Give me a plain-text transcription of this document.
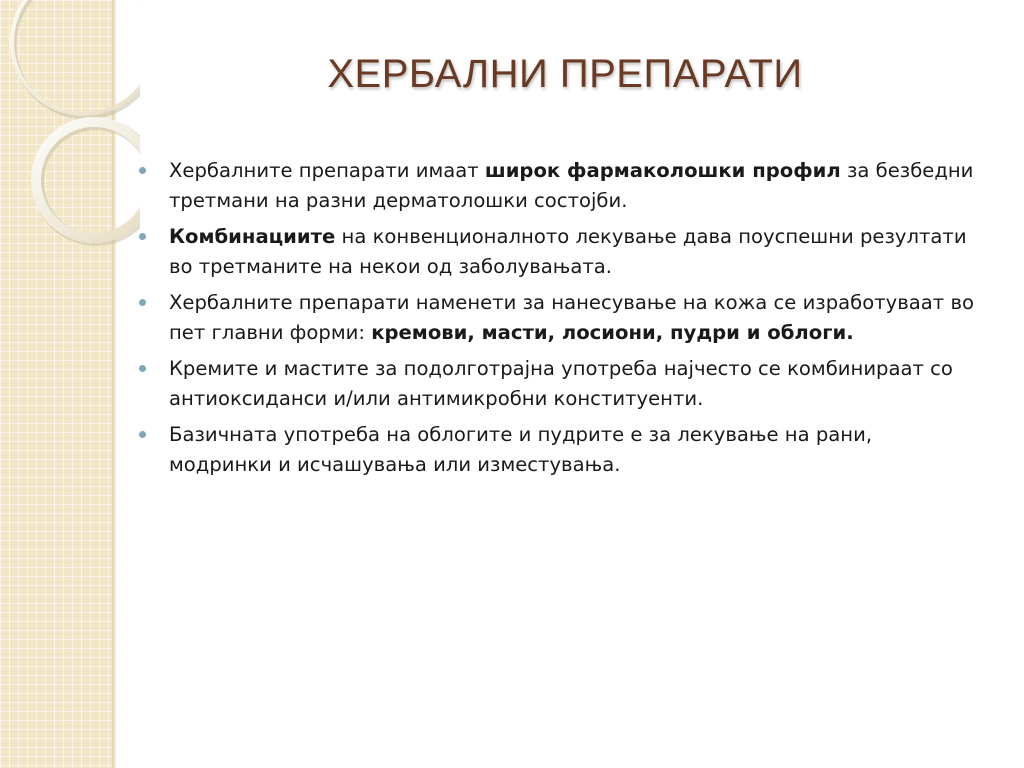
ХЕРБАЛНИ ПРЕПАРАТИ
Хербалните препарати имаат широк фармаколошки профил за безбедни третмани на разни дерматолошки состојби.
Комбинациите на конвенционалното лекување дава поуспешни резултати во третманите на некои од заболувањата.
Хербалните препарати наменети за нанесување на кожа се изработуваат во пет главни форми: кремови, масти, лосиони, пудри и облоги.
Кремите и мастите за подолготрајна употреба најчесто се комбинираат со антиоксиданси и/или антимикробни конституенти.
Базичната употреба на облогите и пудрите е за лекување на рани, модринки и исчашувања или изместувања.
